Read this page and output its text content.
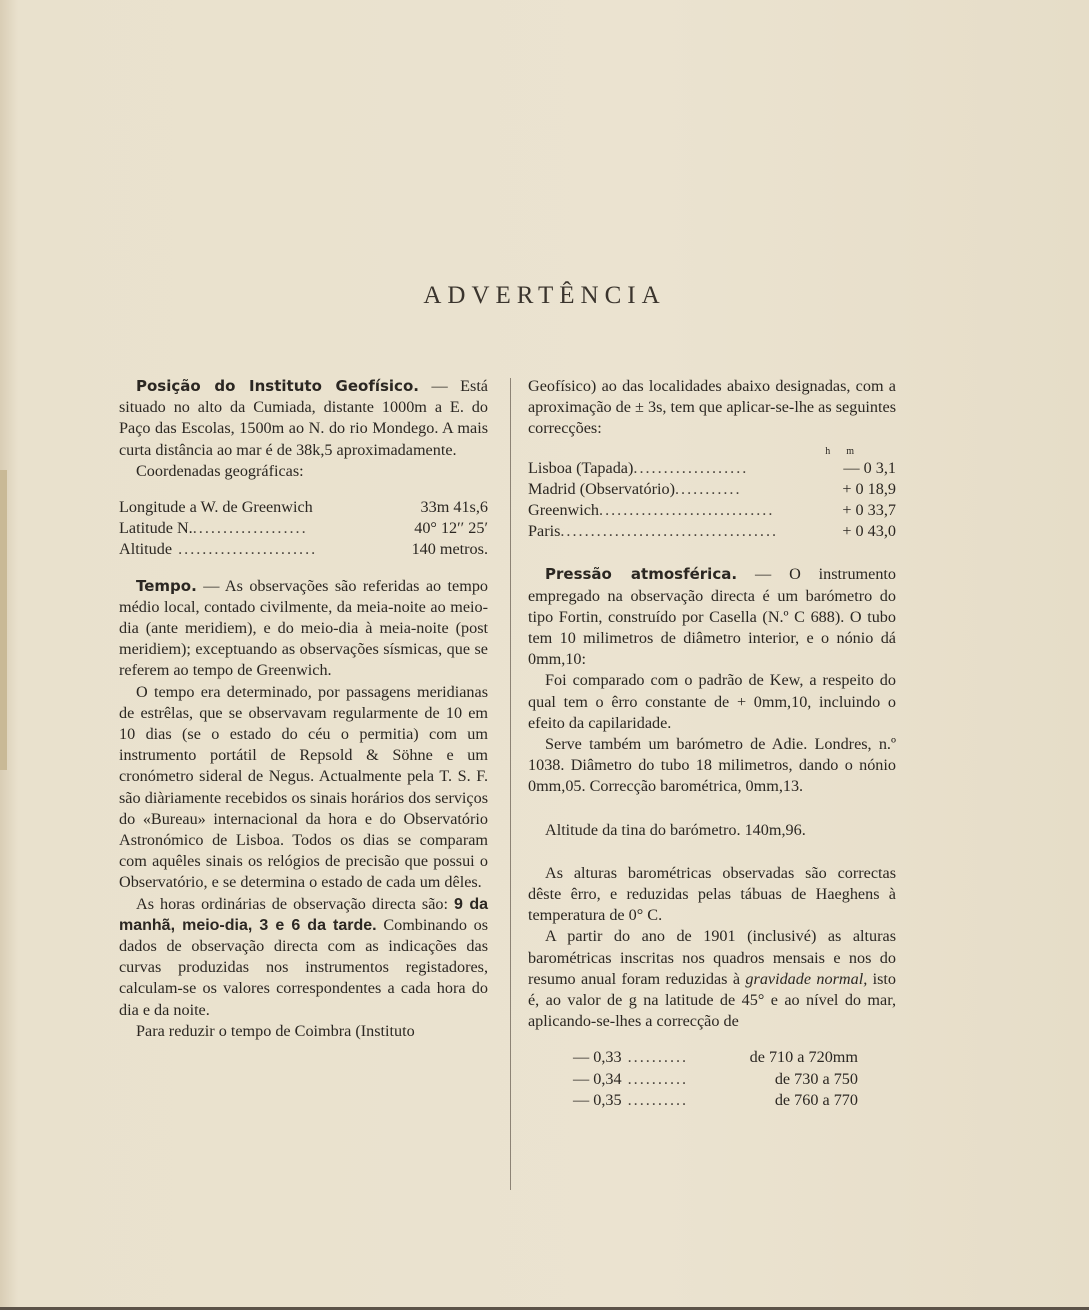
ADVERTÊNCIA

Posição do Instituto Geofísico. — Está situado no alto da Cumiada, distante 1000m a E. do Paço das Escolas, 1500m ao N. do rio Mondego. A mais curta distância ao mar é de 38k,5 aproximadamente.

Coordenadas geográficas:

Longitude a W. de Greenwich	33m 41s,6
Latitude N. ...................	40° 12′′ 25′
Altitude .......................	140 metros.

Tempo. — As observações são referidas ao tempo médio local, contado civilmente, da meia-noite ao meio-dia (ante meridiem), e do meio-dia à meia-noite (post meridiem); exceptuando as observações sísmicas, que se referem ao tempo de Greenwich.

O tempo era determinado, por passagens meridianas de estrêlas, que se observavam regularmente de 10 em 10 dias (se o estado do céu o permitia) com um instrumento portátil de Repsold & Söhne e um cronómetro sideral de Negus. Actualmente pela T. S. F. são diàriamente recebidos os sinais horários dos serviços do «Bureau» internacional da hora e do Observatório Astronómico de Lisboa. Todos os dias se comparam com aquêles sinais os relógios de precisão que possui o Observatório, e se determina o estado de cada um dêles.

As horas ordinárias de observação directa são: 9 da manhã, meio-dia, 3 e 6 da tarde. Combinando os dados de observação directa com as indicações das curvas produzidas nos instrumentos registadores, calculam-se os valores correspondentes a cada hora do dia e da noite.

Para reduzir o tempo de Coimbra (Instituto

Geofísico) ao das localidades abaixo designadas, com a aproximação de ± 3s, tem que aplicar-se-lhe as seguintes correcções:

h m
Lisboa (Tapada) ...................	— 0 3,1
Madrid (Observatório) ...........	+ 0 18,9
Greenwich .............................	+ 0 33,7
Paris ....................................	+ 0 43,0

Pressão atmosférica. — O instrumento empregado na observação directa é um barómetro do tipo Fortin, construído por Casella (N.º C 688). O tubo tem 10 milimetros de diâmetro interior, e o nónio dá 0mm,10:

Foi comparado com o padrão de Kew, a respeito do qual tem o êrro constante de + 0mm,10, incluindo o efeito da capilaridade.

Serve também um barómetro de Adie. Londres, n.º 1038. Diâmetro do tubo 18 milimetros, dando o nónio 0mm,05. Correcção barométrica, 0mm,13.

Altitude da tina do barómetro. 140m,96.

As alturas barométricas observadas são correctas dêste êrro, e reduzidas pelas tábuas de Haeghens à temperatura de 0° C.

A partir do ano de 1901 (inclusivé) as alturas barométricas inscritas nos quadros mensais e nos do resumo anual foram reduzidas à gravidade normal, isto é, ao valor de g na latitude de 45° e ao nível do mar, aplicando-se-lhes a correcção de

— 0,33 ..........	de 710 a 720mm
— 0,34 ..........	de 730 a 750
— 0,35 ..........	de 760 a 770
